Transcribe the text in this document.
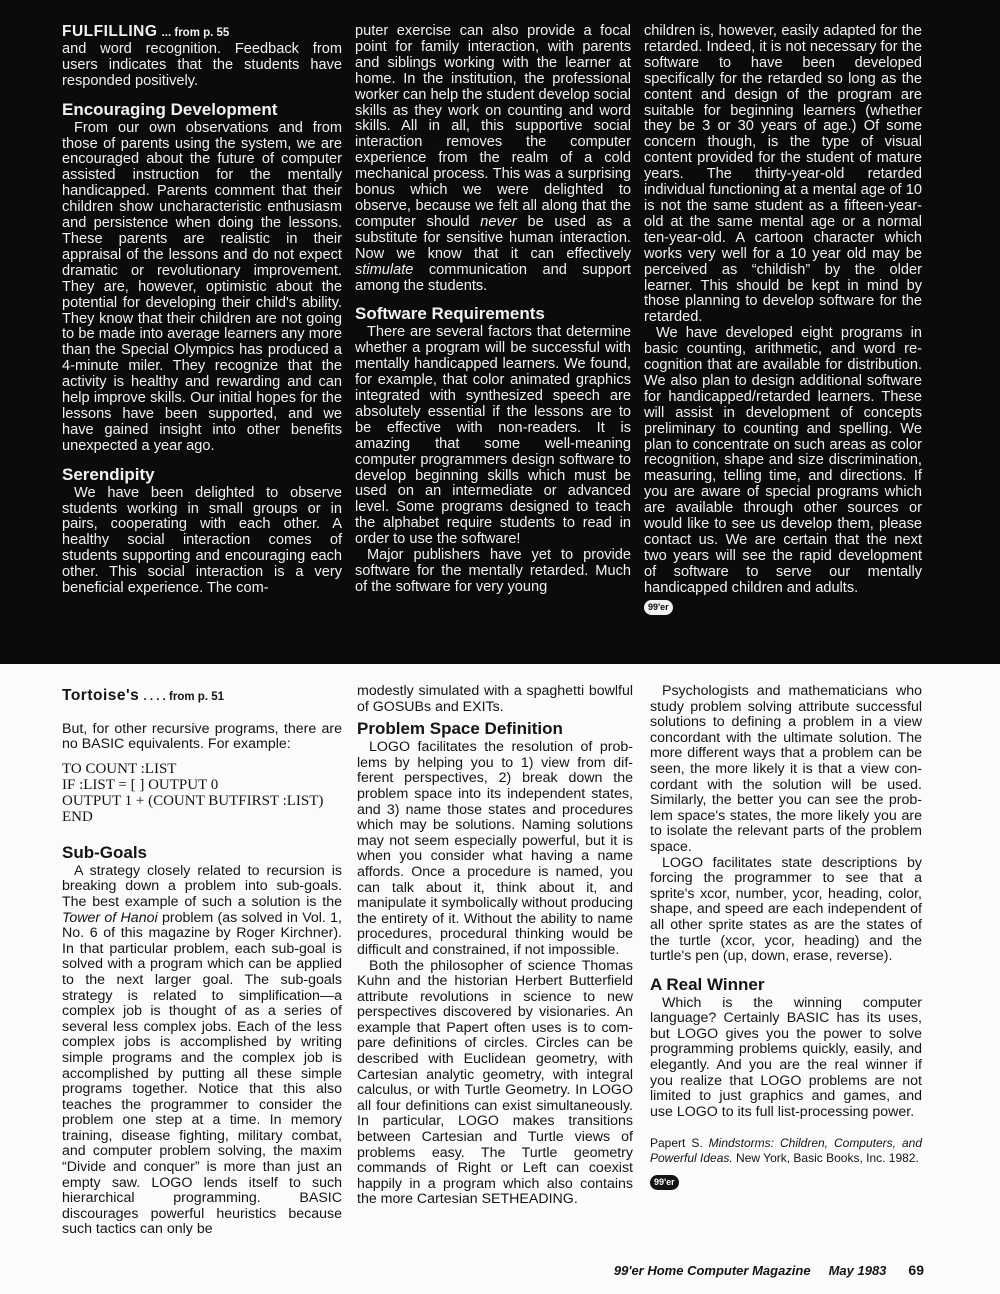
FULFILLING ... from p. 55

and word recognition. Feedback from users indicates that the students have responded positively.

Encouraging Development

From our own observations and from those of parents using the system, we are encouraged about the future of computer assisted instruction for the mentally handicapped. Parents comment that their children show uncharacteristic enthusiasm and persistence when doing the lessons. These parents are realistic in their appraisal of the lessons and do not expect dramatic or revolutionary improvement. They are, however, optimistic about the potential for developing their child's ability. They know that their children are not going to be made into average learners any more than the Special Olympics has produced a 4-minute miler. They recognize that the activity is healthy and rewarding and can help improve skills. Our initial hopes for the lessons have been supported, and we have gained insight into other benefits unexpected a year ago.

Serendipity

We have been delighted to observe students working in small groups or in pairs, cooperating with each other. A healthy social interaction comes of students supporting and encouraging each other. This social interaction is a very beneficial experience. The com-

puter exercise can also provide a focal point for family interaction, with parents and siblings working with the learner at home. In the institution, the professional worker can help the student develop social skills as they work on counting and word skills. All in all, this supportive social interaction removes the computer experience from the realm of a cold mechanical process. This was a surprising bonus which we were delighted to observe, because we felt all along that the computer should never be used as a substitute for sensitive human interaction. Now we know that it can effectively stimulate communication and support among the students.

Software Requirements

There are several factors that determine whether a program will be successful with mentally handicapped learners. We found, for example, that color animated graphics integrated with synthesized speech are absolutely essential if the lessons are to be effective with non-readers. It is amazing that some well-meaning computer programmers design software to develop beginning skills which must be used on an intermediate or advanced level. Some programs designed to teach the alphabet require students to read in order to use the software!

Major publishers have yet to provide software for the mentally retarded. Much of the software for very young

children is, however, easily adapted for the retarded. Indeed, it is not necessary for the software to have been developed specifically for the retarded so long as the content and design of the program are suitable for beginning learners (whether they be 3 or 30 years of age.) Of some concern though, is the type of visual content provided for the student of mature years. The thirty-year-old retarded individual functioning at a mental age of 10 is not the same student as a fifteen-year-old at the same mental age or a normal ten-year-old. A cartoon character which works very well for a 10 year old may be perceived as “childish” by the older learner. This should be kept in mind by those planning to develop software for the retarded.

We have developed eight programs in basic counting, arithmetic, and word recognition that are available for distribution. We also plan to design additional software for handicapped/retarded learners. These will assist in development of concepts preliminary to counting and spelling. We plan to concentrate on such areas as color recognition, shape and size discrimination, measuring, telling time, and directions. If you are aware of special programs which are available through other sources or would like to see us develop them, please contact us. We are certain that the next two years will see the rapid development of software to serve our mentally handicapped children and adults.

99'er

Tortoise's . . . . from p. 51

But, for other recursive programs, there are no BASIC equivalents. For example:

TO COUNT :LIST
IF :LIST = [ ] OUTPUT 0
OUTPUT 1 + (COUNT BUTFIRST :LIST)
END
Sub-Goals

A strategy closely related to recursion is breaking down a problem into sub-goals. The best example of such a solution is the Tower of Hanoi problem (as solved in Vol. 1, No. 6 of this magazine by Roger Kirchner). In that particular problem, each sub-goal is solved with a program which can be applied to the next larger goal. The sub-goals strategy is related to simplification—a complex job is thought of as a series of several less complex jobs. Each of the less complex jobs is accomplished by writing simple programs and the complex job is accomplished by putting all these simple programs together. Notice that this also teaches the programmer to consider the problem one step at a time. In memory training, disease fighting, military combat, and computer problem solving, the maxim “Divide and conquer” is more than just an empty saw. LOGO lends itself to such hierarchical programming. BASIC discourages powerful heuristics because such tactics can only be

modestly simulated with a spaghetti bowlful of GOSUBs and EXITs.

Problem Space Definition

LOGO facilitates the resolution of problems by helping you to 1) view from different perspectives, 2) break down the problem space into its independent states, and 3) name those states and procedures which may be solutions. Naming solutions may not seem especially powerful, but it is when you consider what having a name affords. Once a procedure is named, you can talk about it, think about it, and manipulate it symbolically without producing the entirety of it. Without the ability to name procedures, procedural thinking would be difficult and constrained, if not impossible.

Both the philosopher of science Thomas Kuhn and the historian Herbert Butterfield attribute revolutions in science to new perspectives discovered by visionaries. An example that Papert often uses is to compare definitions of circles. Circles can be described with Euclidean geometry, with Cartesian analytic geometry, with integral calculus, or with Turtle Geometry. In LOGO all four definitions can exist simultaneously. In particular, LOGO makes transitions between Cartesian and Turtle views of problems easy. The Turtle geometry commands of Right or Left can coexist happily in a program which also contains the more Cartesian SETHEADING.

Psychologists and mathematicians who study problem solving attribute successful solutions to defining a problem in a view concordant with the ultimate solution. The more different ways that a problem can be seen, the more likely it is that a view concordant with the solution will be used. Similarly, the better you can see the problem space's states, the more likely you are to isolate the relevant parts of the problem space.

LOGO facilitates state descriptions by forcing the programmer to see that a sprite's xcor, number, ycor, heading, color, shape, and speed are each independent of all other sprite states as are the states of the turtle (xcor, ycor, heading) and the turtle's pen (up, down, erase, reverse).

A Real Winner

Which is the winning computer language? Certainly BASIC has its uses, but LOGO gives you the power to solve programming problems quickly, easily, and elegantly. And you are the real winner if you realize that LOGO problems are not limited to just graphics and games, and use LOGO to its full list-processing power.

Papert S. Mindstorms: Children, Computers, and Powerful Ideas. New York, Basic Books, Inc. 1982.

99'er
99'er Home Computer Magazine May 1983 69
